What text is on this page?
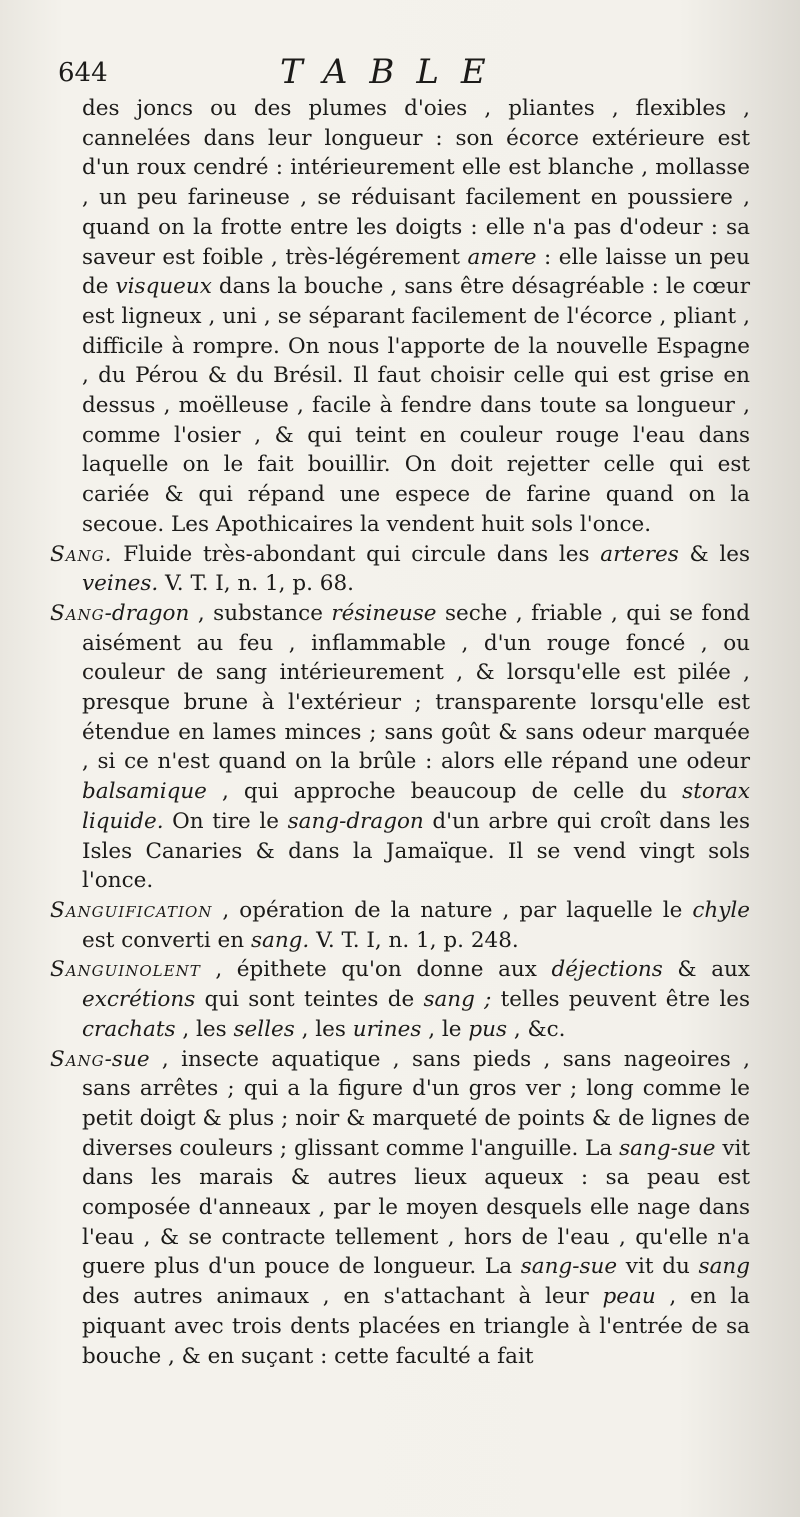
644	TABLE

des joncs ou des plumes d'oies , pliantes , flexibles , cannelées dans leur longueur : son écorce extérieure est d'un roux cendré : intérieurement elle est blanche , mollasse , un peu farineuse , se réduisant facilement en poussiere , quand on la frotte entre les doigts : elle n'a pas d'odeur : sa saveur est foible , très-légérement amere : elle laisse un peu de visqueux dans la bouche , sans être désagréable : le cœur est ligneux , uni , se séparant facilement de l'écorce , pliant , difficile à rompre. On nous l'apporte de la nouvelle Espagne , du Pérou & du Brésil. Il faut choisir celle qui est grise en dessus , moëlleuse , facile à fendre dans toute sa longueur , comme l'osier , & qui teint en couleur rouge l'eau dans laquelle on le fait bouillir. On doit rejetter celle qui est cariée & qui répand une espece de farine quand on la secoue. Les Apothicaires la vendent huit sols l'once.

Sang. Fluide très-abondant qui circule dans les arteres & les veines. V. T. I, n. 1, p. 68.

Sang-dragon , substance résineuse seche , friable , qui se fond aisément au feu , inflammable , d'un rouge foncé , ou couleur de sang intérieurement , & lorsqu'elle est pilée , presque brune à l'extérieur ; transparente lorsqu'elle est étendue en lames minces ; sans goût & sans odeur marquée , si ce n'est quand on la brûle : alors elle répand une odeur balsamique , qui approche beaucoup de celle du storax liquide. On tire le sang-dragon d'un arbre qui croît dans les Isles Canaries & dans la Jamaïque. Il se vend vingt sols l'once.

Sanguification , opération de la nature , par laquelle le chyle est converti en sang. V. T. I, n. 1, p. 248.

Sanguinolent , épithete qu'on donne aux déjections & aux excrétions qui sont teintes de sang ; telles peuvent être les crachats , les selles , les urines , le pus , &c.

Sang-sue , insecte aquatique , sans pieds , sans nageoires , sans arrêtes ; qui a la figure d'un gros ver ; long comme le petit doigt & plus ; noir & marqueté de points & de lignes de diverses couleurs ; glissant comme l'anguille. La sang-sue vit dans les marais & autres lieux aqueux : sa peau est composée d'anneaux , par le moyen desquels elle nage dans l'eau , & se contracte tellement , hors de l'eau , qu'elle n'a guere plus d'un pouce de longueur. La sang-sue vit du sang des autres animaux , en s'attachant à leur peau , en la piquant avec trois dents placées en triangle à l'entrée de sa bouche , & en suçant : cette faculté a fait
